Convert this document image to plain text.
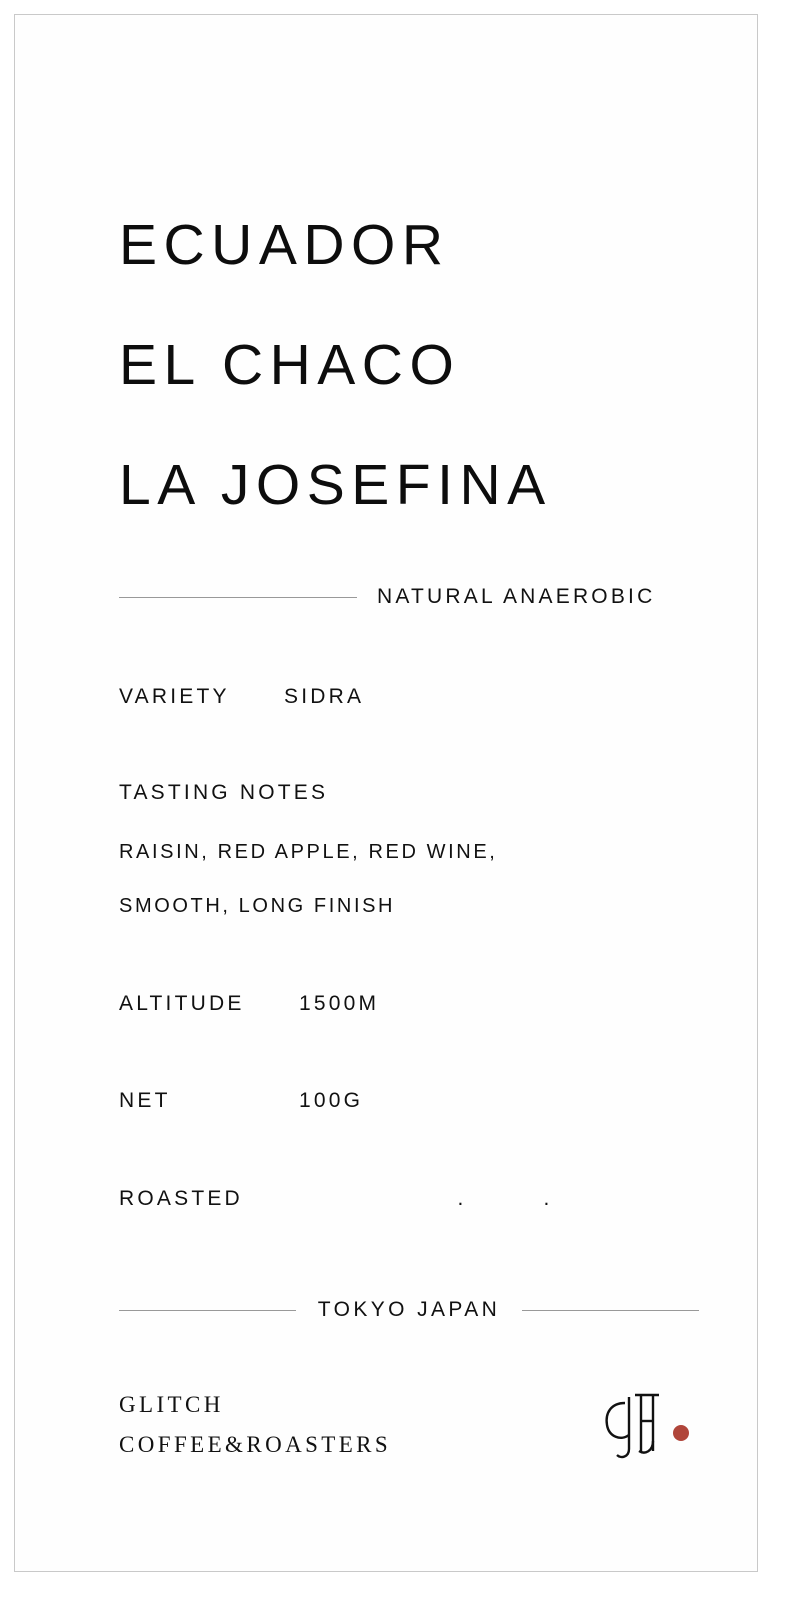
ECUADOR
EL CHACO
LA JOSEFINA
NATURAL ANAEROBIC
VARIETY	SIDRA
TASTING NOTES
RAISIN, RED APPLE, RED WINE,
SMOOTH, LONG FINISH
ALTITUDE	1500M
NET	100G
ROASTED	.	.
TOKYO JAPAN
GLITCH
COFFEE&ROASTERS
